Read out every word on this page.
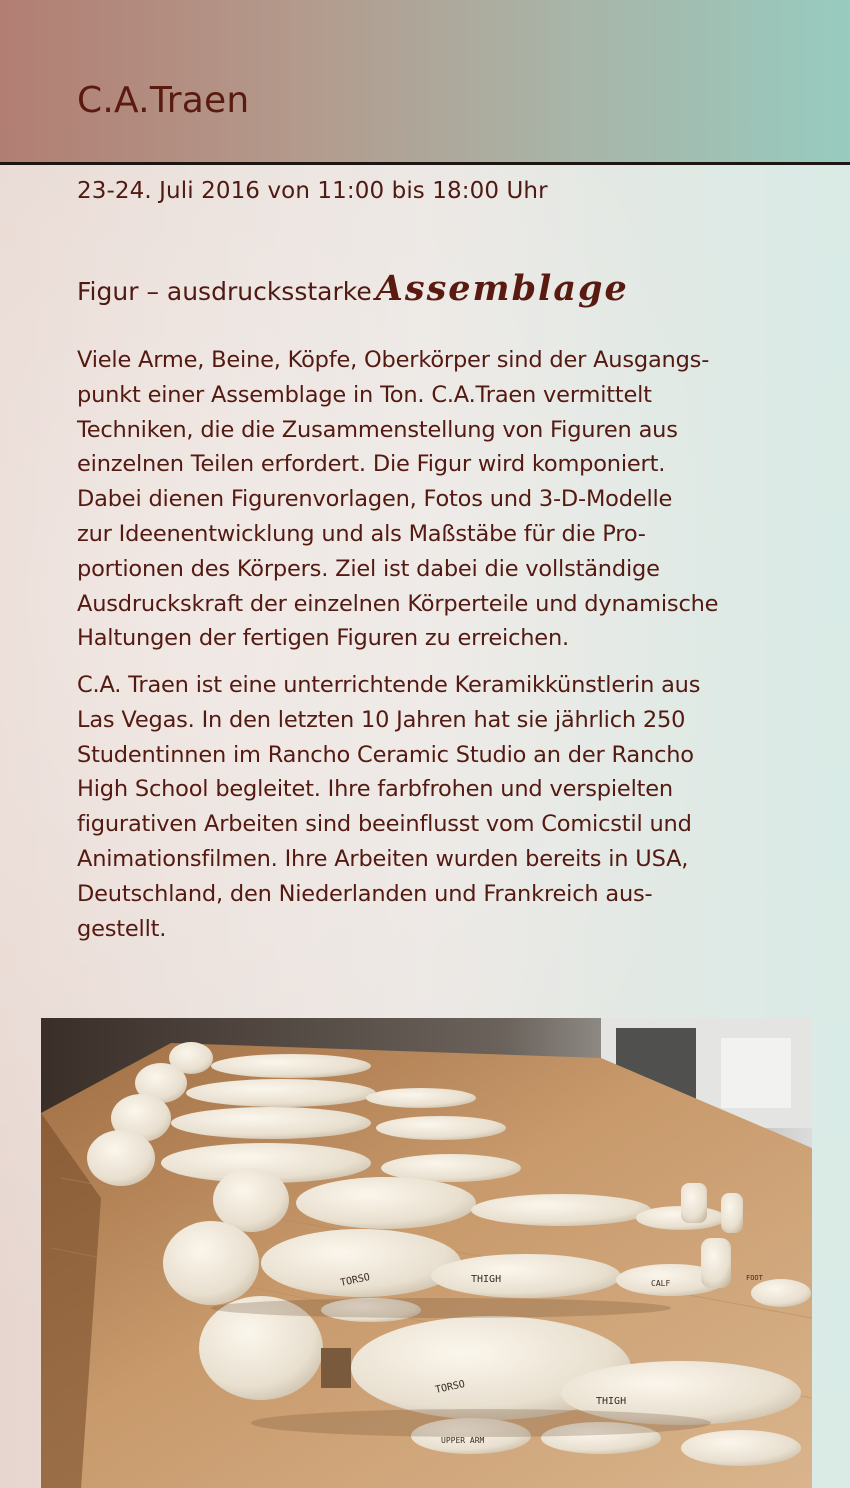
C.A.Traen
23-24. Juli 2016 von 11:00 bis 18:00 Uhr
Figur – ausdrucksstarke Assemblage
Viele Arme, Beine, Köpfe, Oberkörper sind der Ausgangs-
punkt einer Assemblage in Ton. C.A.Traen vermittelt
Techniken, die die Zusammenstellung von Figuren aus
einzelnen Teilen erfordert. Die Figur wird komponiert.
Dabei dienen Figurenvorlagen, Fotos und 3-D-Modelle
zur Ideenentwicklung und als Maßstäbe für die Pro-
portionen des Körpers. Ziel ist dabei die vollständige
Ausdruckskraft der einzelnen Körperteile und dynamische
Haltungen der fertigen Figuren zu erreichen.
C.A. Traen ist eine unterrichtende Keramikkünstlerin aus
Las Vegas. In den letzten 10 Jahren hat sie jährlich 250
Studentinnen im Rancho Ceramic Studio an der Rancho
High School begleitet. Ihre farbfrohen und verspielten
figurativen Arbeiten sind beeinflusst vom Comicstil und
Animationsfilmen. Ihre Arbeiten wurden bereits in USA,
Deutschland, den Niederlanden und Frankreich aus-
gestellt.
TORSO
THIGH
UPPER ARM
TORSO	THIGH	CALF
FOOT
